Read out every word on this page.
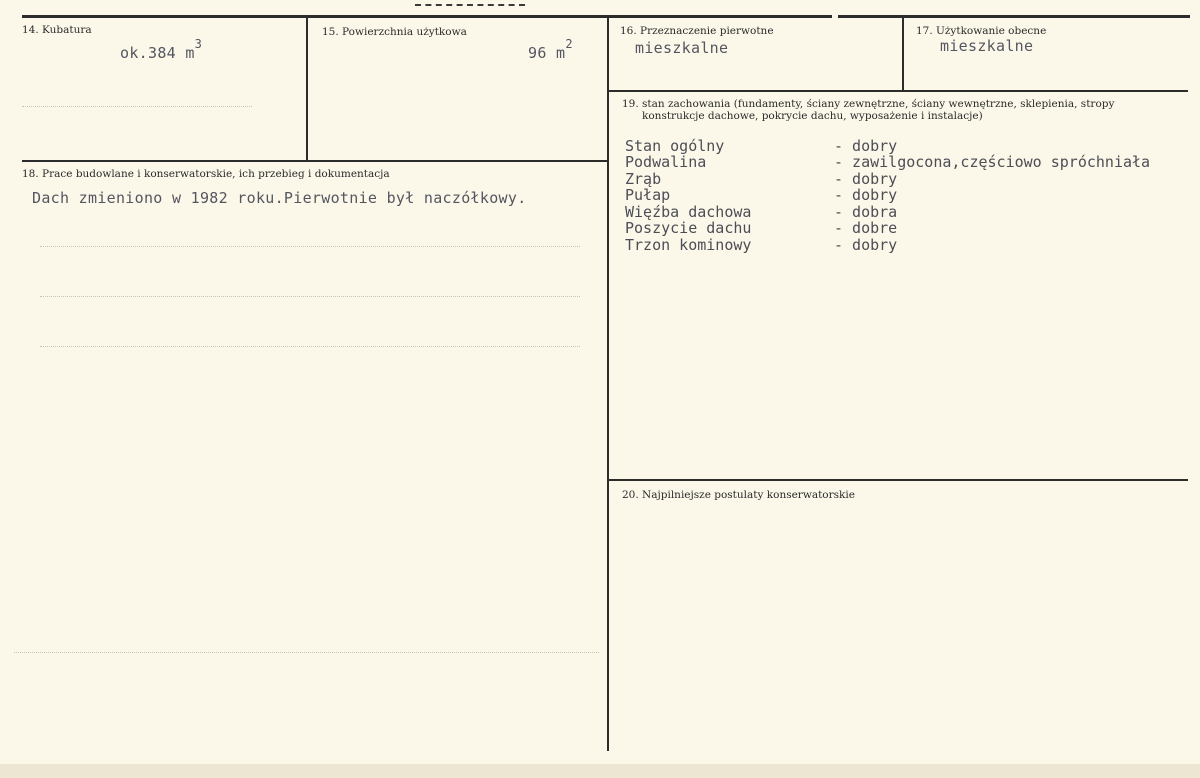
14. Kubatura
ok.384 $m^3$
15. Powierzchnia użytkowa
96 $m^2$
16. Przeznaczenie pierwotne
mieszkalne
17. Użytkowanie obecne
mieszkalne
18. Prace budowlane i konserwatorskie, ich przebieg i dokumentacja
Dach zmieniono w 1982 roku.Pierwotnie był naczółkowy.
19. stan zachowania (fundamenty, ściany zewnętrzne, ściany wewnętrzne, sklepienia, stropy
konstrukcje dachowe, pokrycie dachu, wyposażenie i instalacje)
Stan ogólny	- dobry
Podwalina	- zawilgocona,częściowo spróchniała
Zrąb	- dobry
Pułap	- dobry
Więźba dachowa	- dobra
Poszycie dachu	- dobre
Trzon kominowy	- dobry
20. Najpilniejsze postulaty konserwatorskie
